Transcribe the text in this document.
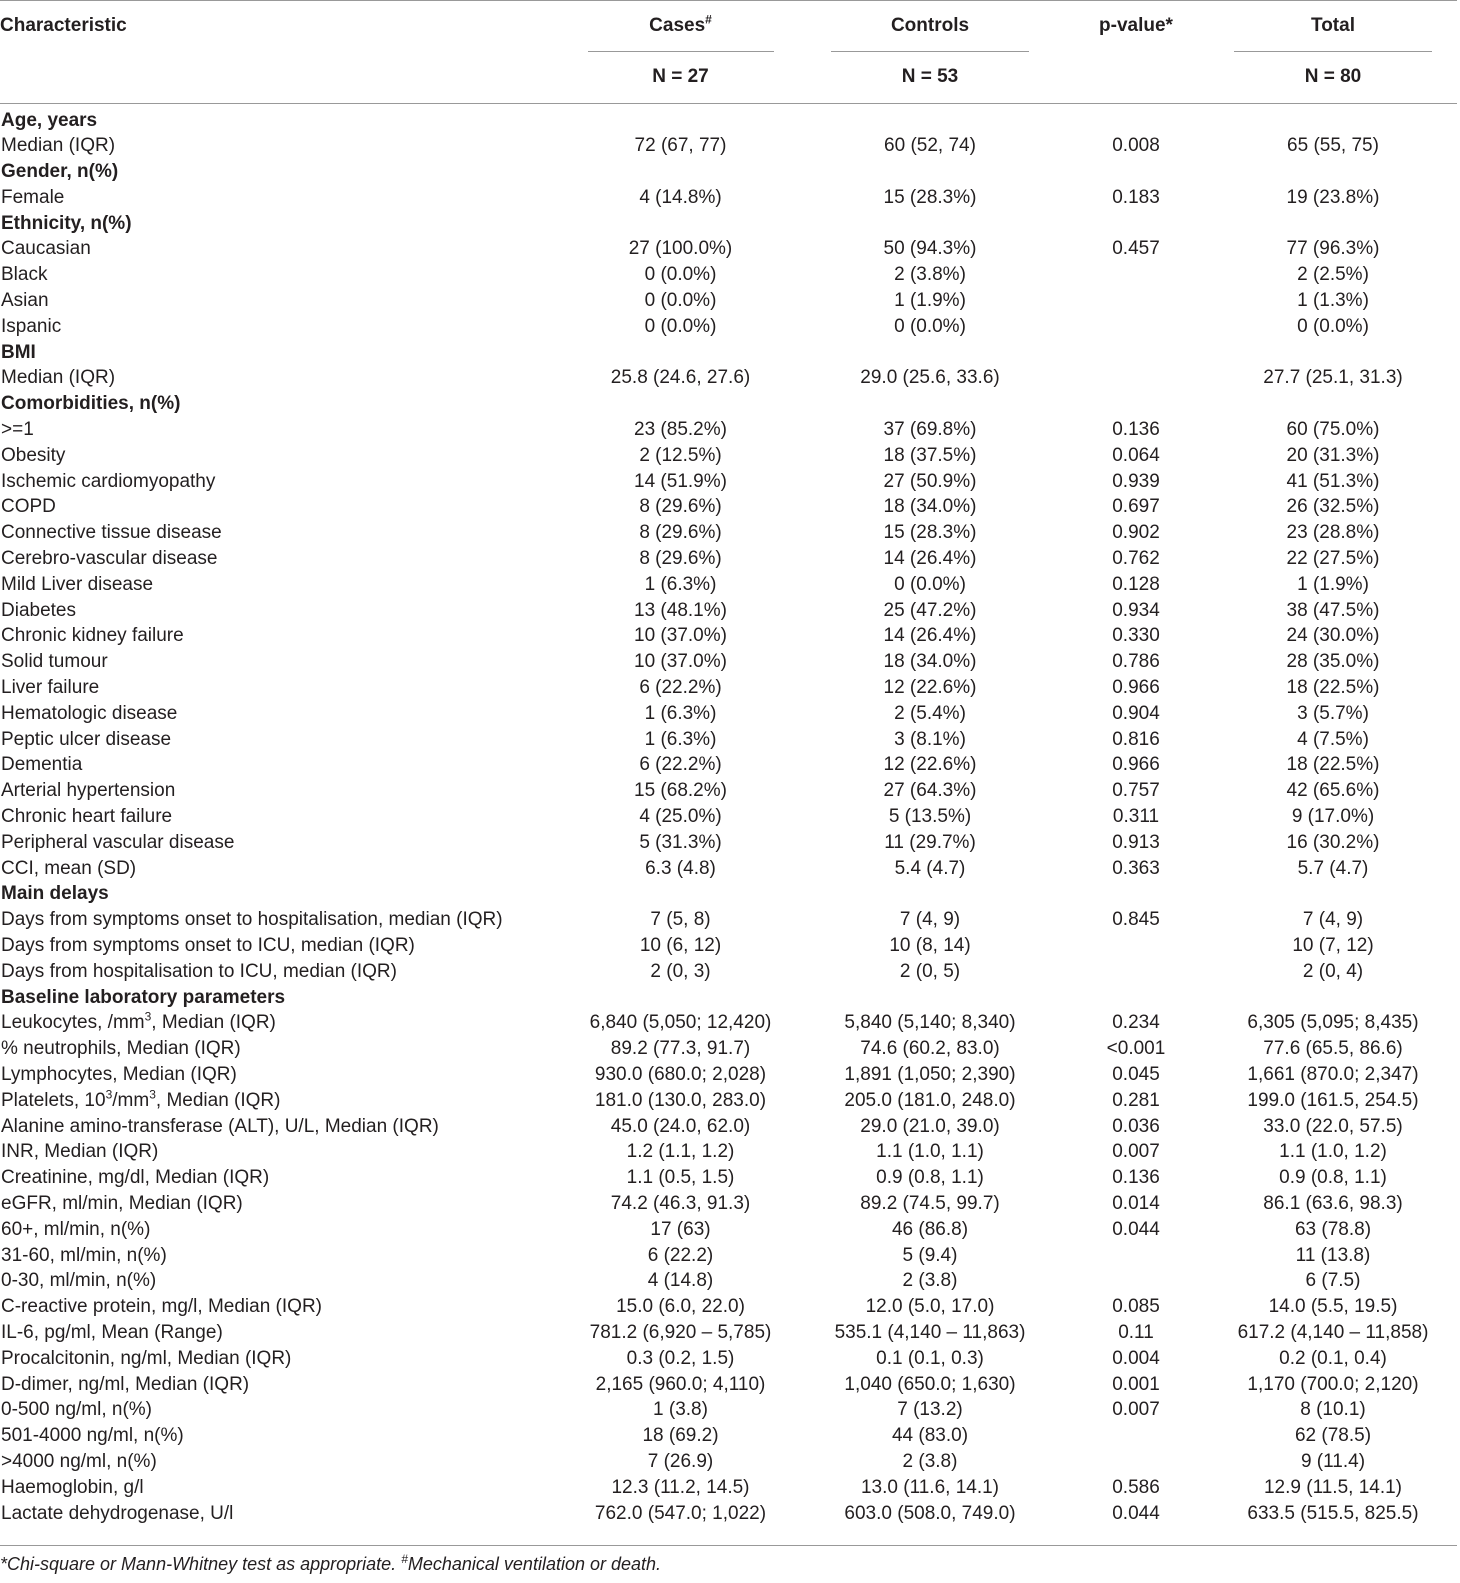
Characteristic	Cases#	Controls	p-value*	Total

	N = 27	N = 53		N = 80
Age, years				
Median (IQR)	72 (67, 77)	60 (52, 74)	0.008	65 (55, 75)
Gender, n(%)				
Female	4 (14.8%)	15 (28.3%)	0.183	19 (23.8%)
Ethnicity, n(%)				
Caucasian	27 (100.0%)	50 (94.3%)	0.457	77 (96.3%)
Black	0 (0.0%)	2 (3.8%)		2 (2.5%)
Asian	0 (0.0%)	1 (1.9%)		1 (1.3%)
Ispanic	0 (0.0%)	0 (0.0%)		0 (0.0%)
BMI				
Median (IQR)	25.8 (24.6, 27.6)	29.0 (25.6, 33.6)		27.7 (25.1, 31.3)
Comorbidities, n(%)				
>=1	23 (85.2%)	37 (69.8%)	0.136	60 (75.0%)
Obesity	2 (12.5%)	18 (37.5%)	0.064	20 (31.3%)
Ischemic cardiomyopathy	14 (51.9%)	27 (50.9%)	0.939	41 (51.3%)
COPD	8 (29.6%)	18 (34.0%)	0.697	26 (32.5%)
Connective tissue disease	8 (29.6%)	15 (28.3%)	0.902	23 (28.8%)
Cerebro-vascular disease	8 (29.6%)	14 (26.4%)	0.762	22 (27.5%)
Mild Liver disease	1 (6.3%)	0 (0.0%)	0.128	1 (1.9%)
Diabetes	13 (48.1%)	25 (47.2%)	0.934	38 (47.5%)
Chronic kidney failure	10 (37.0%)	14 (26.4%)	0.330	24 (30.0%)
Solid tumour	10 (37.0%)	18 (34.0%)	0.786	28 (35.0%)
Liver failure	6 (22.2%)	12 (22.6%)	0.966	18 (22.5%)
Hematologic disease	1 (6.3%)	2 (5.4%)	0.904	3 (5.7%)
Peptic ulcer disease	1 (6.3%)	3 (8.1%)	0.816	4 (7.5%)
Dementia	6 (22.2%)	12 (22.6%)	0.966	18 (22.5%)
Arterial hypertension	15 (68.2%)	27 (64.3%)	0.757	42 (65.6%)
Chronic heart failure	4 (25.0%)	5 (13.5%)	0.311	9 (17.0%)
Peripheral vascular disease	5 (31.3%)	11 (29.7%)	0.913	16 (30.2%)
CCI, mean (SD)	6.3 (4.8)	5.4 (4.7)	0.363	5.7 (4.7)
Main delays				
Days from symptoms onset to hospitalisation, median (IQR)	7 (5, 8)	7 (4, 9)	0.845	7 (4, 9)
Days from symptoms onset to ICU, median (IQR)	10 (6, 12)	10 (8, 14)		10 (7, 12)
Days from hospitalisation to ICU, median (IQR)	2 (0, 3)	2 (0, 5)		2 (0, 4)
Baseline laboratory parameters				
Leukocytes, $/mm^3$, Median (IQR)	6,840 (5,050; 12,420)	5,840 (5,140; 8,340)	0.234	6,305 (5,095; 8,435)
% neutrophils, Median (IQR)	89.2 (77.3, 91.7)	74.6 (60.2, 83.0)	<0.001	77.6 (65.5, 86.6)
Lymphocytes, Median (IQR)	930.0 (680.0; 2,028)	1,891 (1,050; 2,390)	0.045	1,661 (870.0; 2,347)
Platelets, $10^3/mm^3$, Median (IQR)	181.0 (130.0, 283.0)	205.0 (181.0, 248.0)	0.281	199.0 (161.5, 254.5)
Alanine amino-transferase (ALT), U/L, Median (IQR)	45.0 (24.0, 62.0)	29.0 (21.0, 39.0)	0.036	33.0 (22.0, 57.5)
INR, Median (IQR)	1.2 (1.1, 1.2)	1.1 (1.0, 1.1)	0.007	1.1 (1.0, 1.2)
Creatinine, mg/dl, Median (IQR)	1.1 (0.5, 1.5)	0.9 (0.8, 1.1)	0.136	0.9 (0.8, 1.1)
eGFR, ml/min, Median (IQR)	74.2 (46.3, 91.3)	89.2 (74.5, 99.7)	0.014	86.1 (63.6, 98.3)
60+, ml/min, n(%)	17 (63)	46 (86.8)	0.044	63 (78.8)
31-60, ml/min, n(%)	6 (22.2)	5 (9.4)		11 (13.8)
0-30, ml/min, n(%)	4 (14.8)	2 (3.8)		6 (7.5)
C-reactive protein, mg/l, Median (IQR)	15.0 (6.0, 22.0)	12.0 (5.0, 17.0)	0.085	14.0 (5.5, 19.5)
IL-6, pg/ml, Mean (Range)	781.2 (6,920 – 5,785)	535.1 (4,140 – 11,863)	0.11	617.2 (4,140 – 11,858)
Procalcitonin, ng/ml, Median (IQR)	0.3 (0.2, 1.5)	0.1 (0.1, 0.3)	0.004	0.2 (0.1, 0.4)
D-dimer, ng/ml, Median (IQR)	2,165 (960.0; 4,110)	1,040 (650.0; 1,630)	0.001	1,170 (700.0; 2,120)
0-500 ng/ml, n(%)	1 (3.8)	7 (13.2)	0.007	8 (10.1)
501-4000 ng/ml, n(%)	18 (69.2)	44 (83.0)		62 (78.5)
>4000 ng/ml, n(%)	7 (26.9)	2 (3.8)		9 (11.4)
Haemoglobin, g/l	12.3 (11.2, 14.5)	13.0 (11.6, 14.1)	0.586	12.9 (11.5, 14.1)
Lactate dehydrogenase, U/l	762.0 (547.0; 1,022)	603.0 (508.0, 749.0)	0.044	633.5 (515.5, 825.5)
*Chi-square or Mann-Whitney test as appropriate. #Mechanical ventilation or death.
